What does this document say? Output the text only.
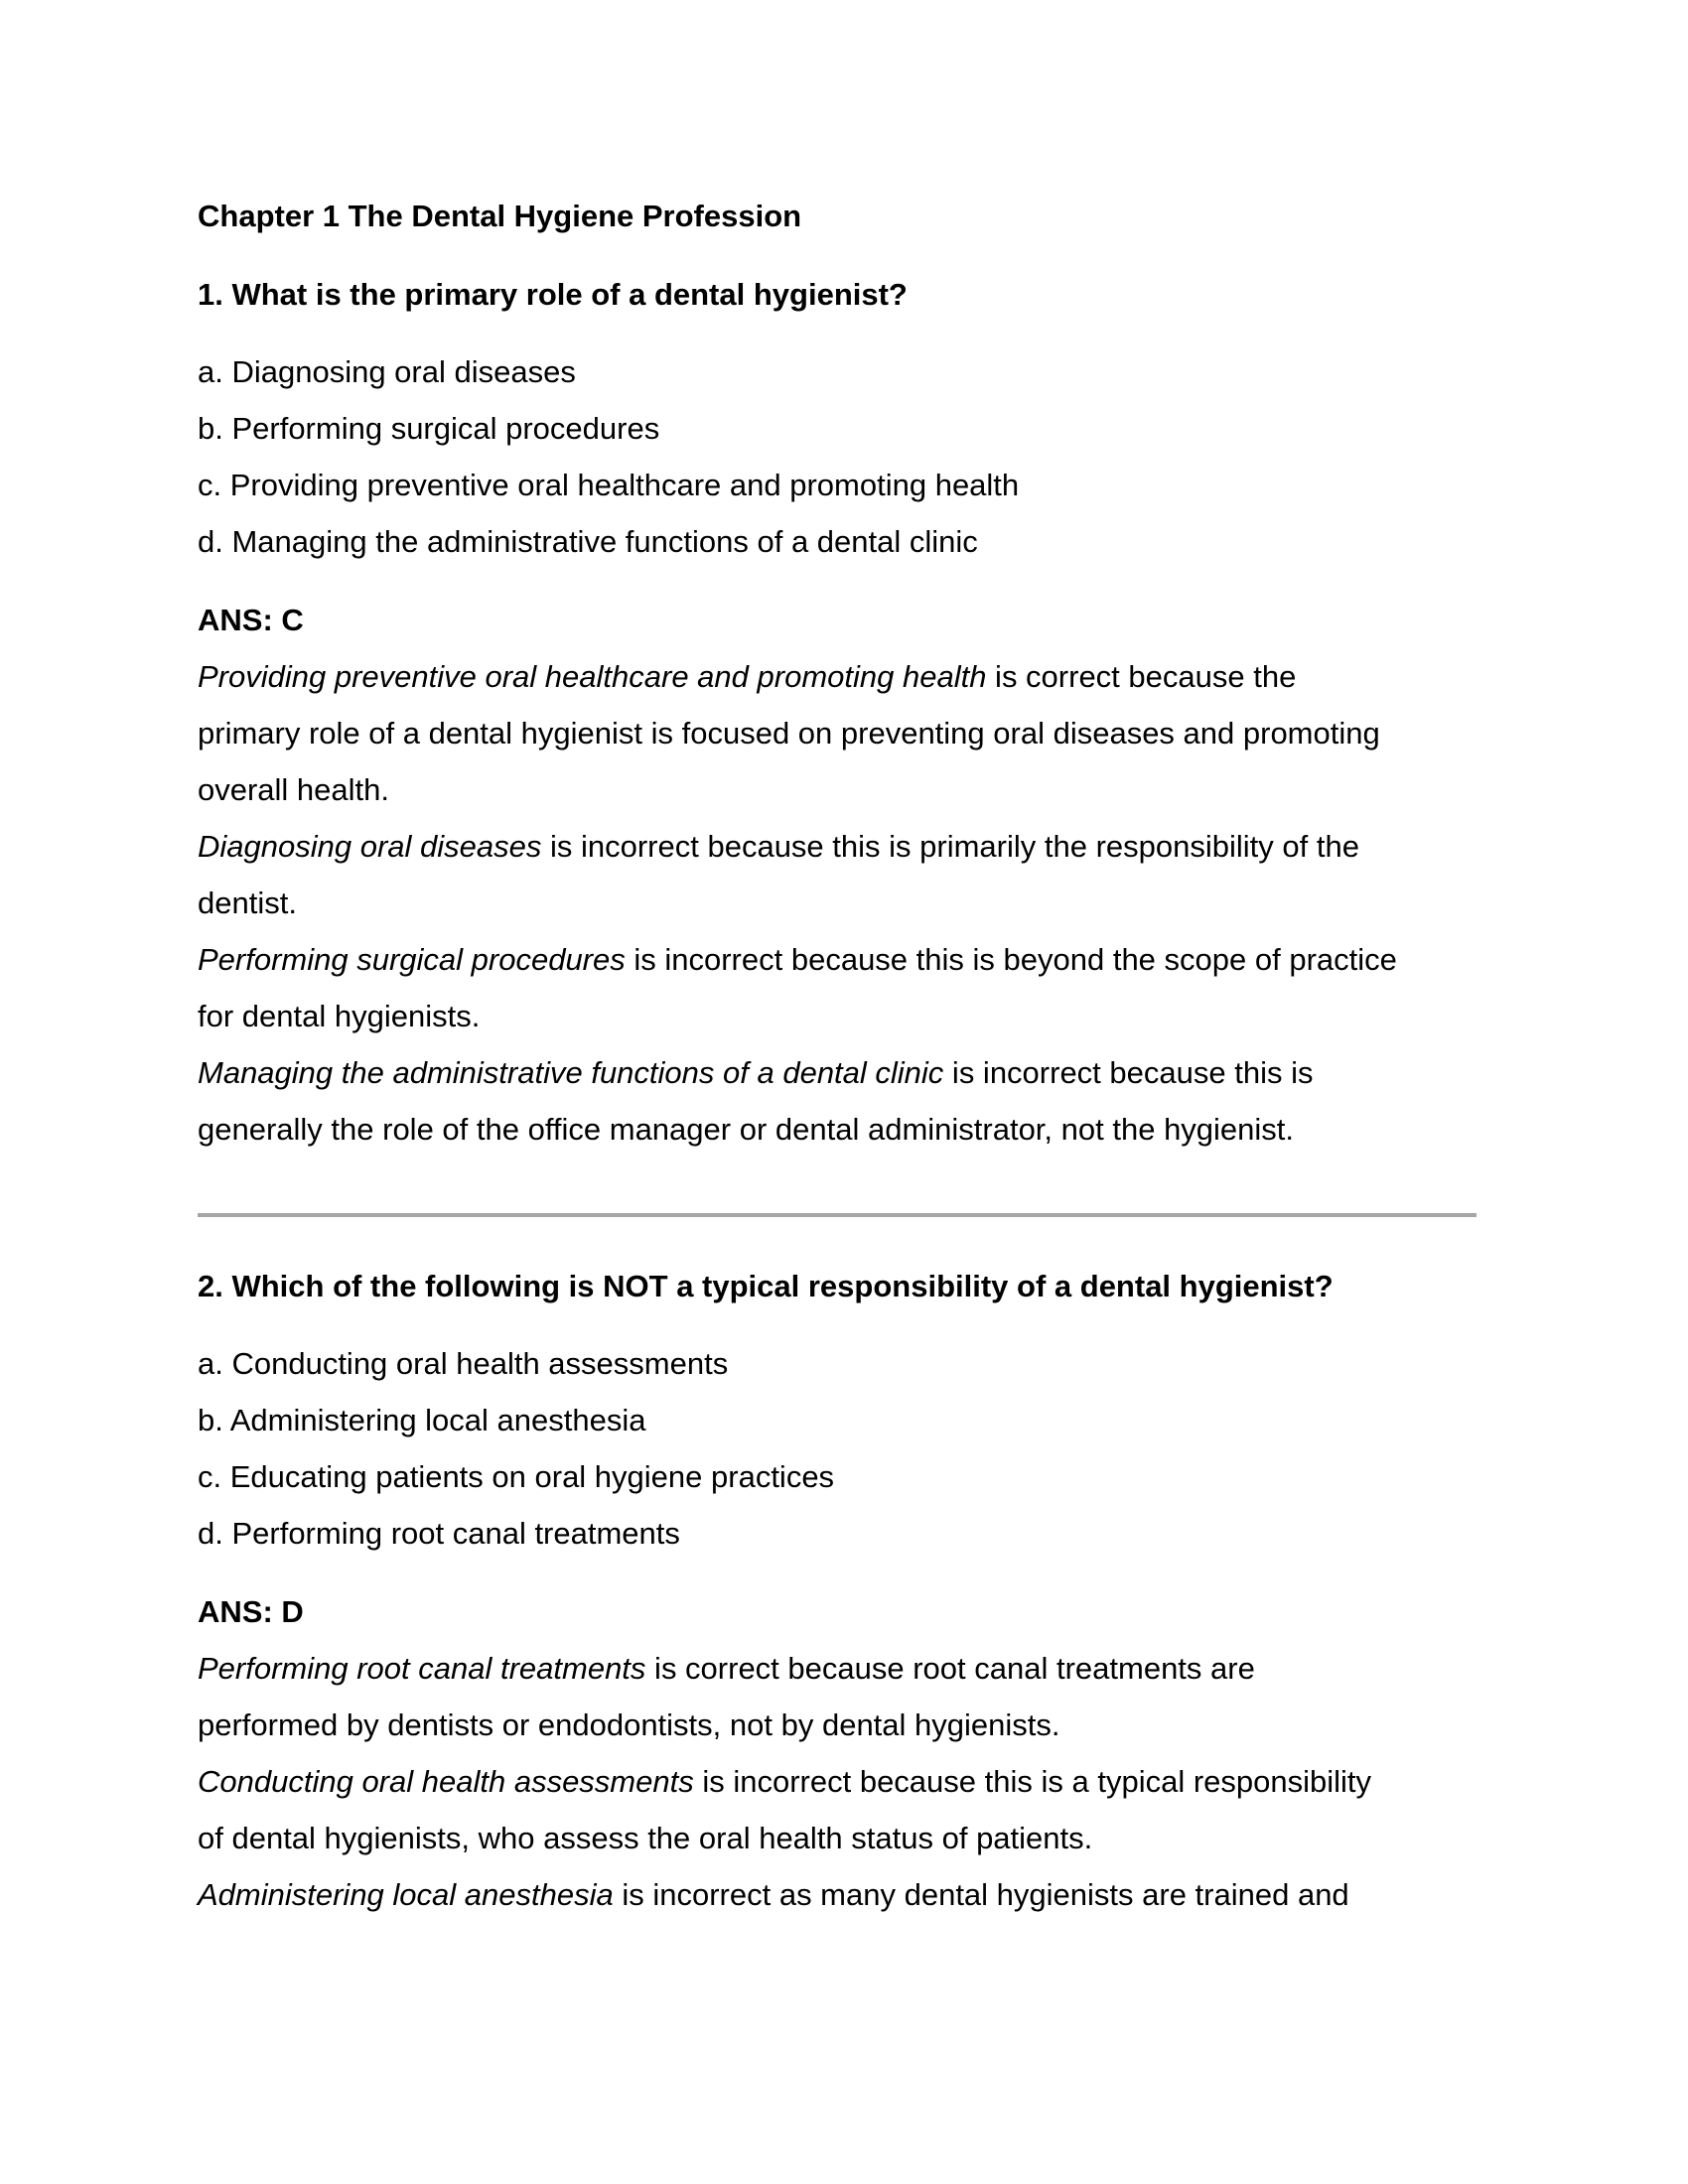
Chapter 1 The Dental Hygiene Profession
1. What is the primary role of a dental hygienist?
a. Diagnosing oral diseases
b. Performing surgical procedures
c. Providing preventive oral healthcare and promoting health
d. Managing the administrative functions of a dental clinic
ANS: C
Providing preventive oral healthcare and promoting health is correct because the
primary role of a dental hygienist is focused on preventing oral diseases and promoting
overall health.
Diagnosing oral diseases is incorrect because this is primarily the responsibility of the
dentist.
Performing surgical procedures is incorrect because this is beyond the scope of practice
for dental hygienists.
Managing the administrative functions of a dental clinic is incorrect because this is
generally the role of the office manager or dental administrator, not the hygienist.
2. Which of the following is NOT a typical responsibility of a dental hygienist?
a. Conducting oral health assessments
b. Administering local anesthesia
c. Educating patients on oral hygiene practices
d. Performing root canal treatments
ANS: D
Performing root canal treatments is correct because root canal treatments are
performed by dentists or endodontists, not by dental hygienists.
Conducting oral health assessments is incorrect because this is a typical responsibility
of dental hygienists, who assess the oral health status of patients.
Administering local anesthesia is incorrect as many dental hygienists are trained and
